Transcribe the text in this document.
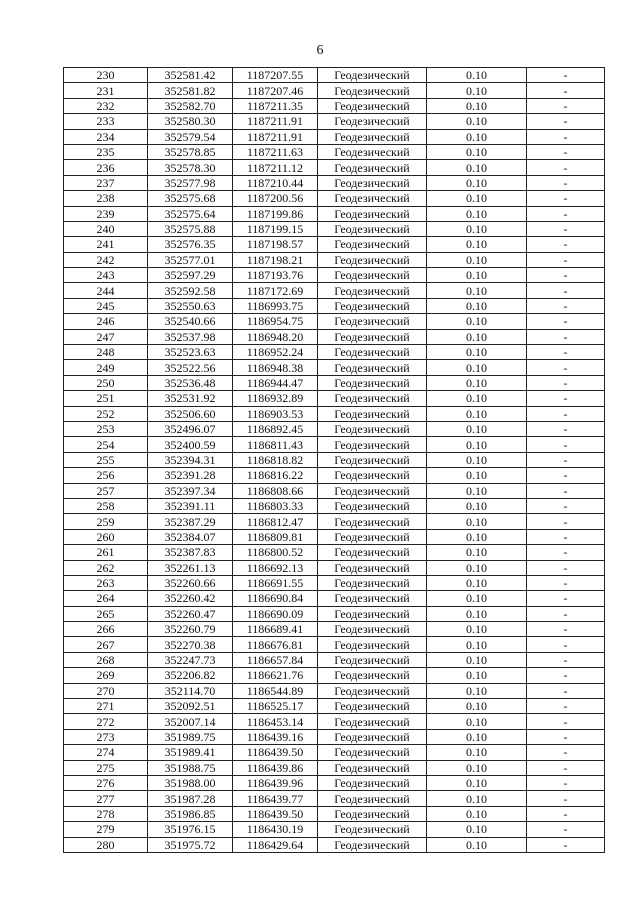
6
230	352581.42	1187207.55	Геодезический	0.10	-
231	352581.82	1187207.46	Геодезический	0.10	-
232	352582.70	1187211.35	Геодезический	0.10	-
233	352580.30	1187211.91	Геодезический	0.10	-
234	352579.54	1187211.91	Геодезический	0.10	-
235	352578.85	1187211.63	Геодезический	0.10	-
236	352578.30	1187211.12	Геодезический	0.10	-
237	352577.98	1187210.44	Геодезический	0.10	-
238	352575.68	1187200.56	Геодезический	0.10	-
239	352575.64	1187199.86	Геодезический	0.10	-
240	352575.88	1187199.15	Геодезический	0.10	-
241	352576.35	1187198.57	Геодезический	0.10	-
242	352577.01	1187198.21	Геодезический	0.10	-
243	352597.29	1187193.76	Геодезический	0.10	-
244	352592.58	1187172.69	Геодезический	0.10	-
245	352550.63	1186993.75	Геодезический	0.10	-
246	352540.66	1186954.75	Геодезический	0.10	-
247	352537.98	1186948.20	Геодезический	0.10	-
248	352523.63	1186952.24	Геодезический	0.10	-
249	352522.56	1186948.38	Геодезический	0.10	-
250	352536.48	1186944.47	Геодезический	0.10	-
251	352531.92	1186932.89	Геодезический	0.10	-
252	352506.60	1186903.53	Геодезический	0.10	-
253	352496.07	1186892.45	Геодезический	0.10	-
254	352400.59	1186811.43	Геодезический	0.10	-
255	352394.31	1186818.82	Геодезический	0.10	-
256	352391.28	1186816.22	Геодезический	0.10	-
257	352397.34	1186808.66	Геодезический	0.10	-
258	352391.11	1186803.33	Геодезический	0.10	-
259	352387.29	1186812.47	Геодезический	0.10	-
260	352384.07	1186809.81	Геодезический	0.10	-
261	352387.83	1186800.52	Геодезический	0.10	-
262	352261.13	1186692.13	Геодезический	0.10	-
263	352260.66	1186691.55	Геодезический	0.10	-
264	352260.42	1186690.84	Геодезический	0.10	-
265	352260.47	1186690.09	Геодезический	0.10	-
266	352260.79	1186689.41	Геодезический	0.10	-
267	352270.38	1186676.81	Геодезический	0.10	-
268	352247.73	1186657.84	Геодезический	0.10	-
269	352206.82	1186621.76	Геодезический	0.10	-
270	352114.70	1186544.89	Геодезический	0.10	-
271	352092.51	1186525.17	Геодезический	0.10	-
272	352007.14	1186453.14	Геодезический	0.10	-
273	351989.75	1186439.16	Геодезический	0.10	-
274	351989.41	1186439.50	Геодезический	0.10	-
275	351988.75	1186439.86	Геодезический	0.10	-
276	351988.00	1186439.96	Геодезический	0.10	-
277	351987.28	1186439.77	Геодезический	0.10	-
278	351986.85	1186439.50	Геодезический	0.10	-
279	351976.15	1186430.19	Геодезический	0.10	-
280	351975.72	1186429.64	Геодезический	0.10	-
